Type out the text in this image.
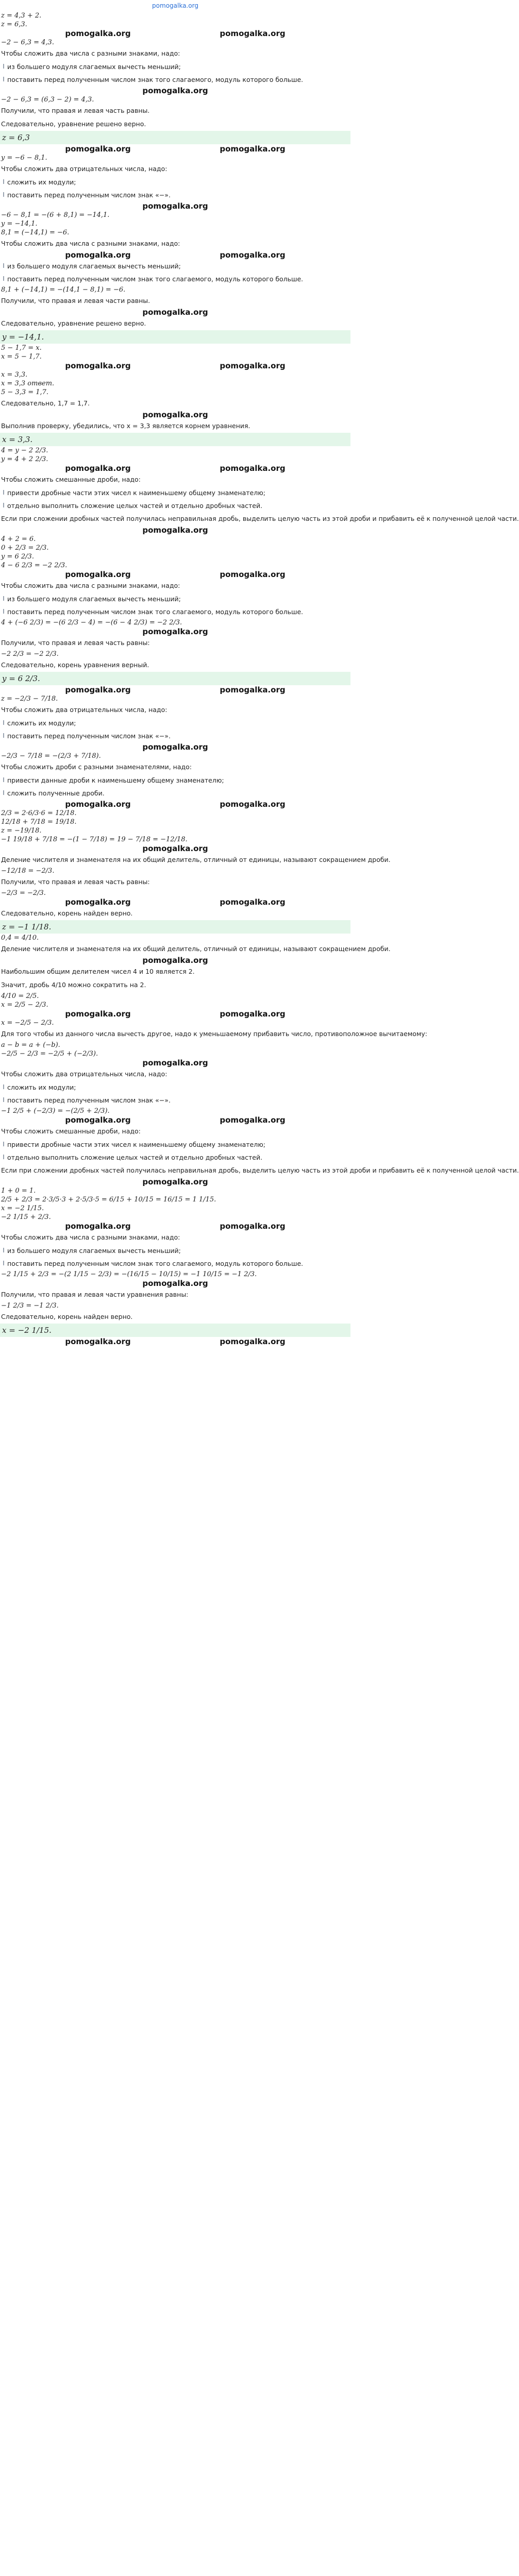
pomogalka.org
z = 4,3 + 2.
z = 6,3.
pomogalka.org	pomogalka.org
−2 − 6,3 = 4,3.
Чтобы сложить два числа с разными знаками, надо:
из большего модуля слагаемых вычесть меньший;
поставить перед полученным числом знак того слагаемого, модуль которого больше.
pomogalka.org
−2 − 6,3 = (6,3 − 2) = 4,3.
Получили, что правая и левая часть равны.
Следовательно, уравнение решено верно.
z = 6,3
pomogalka.org	pomogalka.org
y = −6 − 8,1.
Чтобы сложить два отрицательных числа, надо:
сложить их модули;
поставить перед полученным числом знак «−».
pomogalka.org
−6 − 8,1 = −(6 + 8,1) = −14,1.
y = −14,1.
8,1 = (−14,1) = −6.
Чтобы сложить два числа с разными знаками, надо:
pomogalka.org	pomogalka.org
из большего модуля слагаемых вычесть меньший;
поставить перед полученным числом знак того слагаемого, модуль которого больше.
8,1 + (−14,1) = −(14,1 − 8,1) = −6.
Получили, что правая и левая части равны.
pomogalka.org
Следовательно, уравнение решено верно.
y = −14,1.
5 − 1,7 = x.
x = 5 − 1,7.
pomogalka.org	pomogalka.org
x = 3,3.
x = 3,3 ответ.
5 − 3,3 = 1,7.
Следовательно, 1,7 = 1,7.
pomogalka.org
Выполнив проверку, убедились, что x = 3,3 является корнем уравнения.
x = 3,3.
4 = y − 2 2/3.
y = 4 + 2 2/3.
pomogalka.org	pomogalka.org
Чтобы сложить смешанные дроби, надо:
привести дробные части этих чисел к наименьшему общему знаменателю;
отдельно выполнить сложение целых частей и отдельно дробных частей.
Если при сложении дробных частей получилась неправильная дробь, выделить целую часть из этой дроби и прибавить её к полученной целой части.
pomogalka.org
4 + 2 = 6.
0 + 2/3 = 2/3.
y = 6 2/3.
4 − 6 2/3 = −2 2/3.
pomogalka.org	pomogalka.org
Чтобы сложить два числа с разными знаками, надо:
из большего модуля слагаемых вычесть меньший;
поставить перед полученным числом знак того слагаемого, модуль которого больше.
4 + (−6 2/3) = −(6 2/3 − 4) = −(6 − 4 2/3) = −2 2/3.
pomogalka.org
Получили, что правая и левая часть равны:
−2 2/3 = −2 2/3.
Следовательно, корень уравнения верный.
y = 6 2/3.
pomogalka.org	pomogalka.org
z = −2/3 − 7/18.
Чтобы сложить два отрицательных числа, надо:
сложить их модули;
поставить перед полученным числом знак «−».
pomogalka.org
−2/3 − 7/18 = −(2/3 + 7/18).
Чтобы сложить дроби с разными знаменателями, надо:
привести данные дроби к наименьшему общему знаменателю;
сложить полученные дроби.
pomogalka.org	pomogalka.org
2/3 = 2·6/3·6 = 12/18.
12/18 + 7/18 = 19/18.
z = −19/18.
−1 19/18 + 7/18 = −(1 − 7/18) = 19 − 7/18 = −12/18.
pomogalka.org
Деление числителя и знаменателя на их общий делитель, отличный от единицы, называют сокращением дроби.
−12/18 = −2/3.
Получили, что правая и левая часть равны:
−2/3 = −2/3.
pomogalka.org	pomogalka.org
Следовательно, корень найден верно.
z = −1 1/18.
0,4 = 4/10.
Деление числителя и знаменателя на их общий делитель, отличный от единицы, называют сокращением дроби.
pomogalka.org
Наибольшим общим делителем чисел 4 и 10 является 2.
Значит, дробь 4/10 можно сократить на 2.
4/10 = 2/5.
x = 2/5 − 2/3.
pomogalka.org	pomogalka.org
x = −2/5 − 2/3.
Для того чтобы из данного числа вычесть другое, надо к уменьшаемому прибавить число, противоположное вычитаемому:
a − b = a + (−b).
−2/5 − 2/3 = −2/5 + (−2/3).
pomogalka.org
Чтобы сложить два отрицательных числа, надо:
сложить их модули;
поставить перед полученным числом знак «−».
−1 2/5 + (−2/3) = −(2/5 + 2/3).
pomogalka.org	pomogalka.org
Чтобы сложить смешанные дроби, надо:
привести дробные части этих чисел к наименьшему общему знаменателю;
отдельно выполнить сложение целых частей и отдельно дробных частей.
Если при сложении дробных частей получилась неправильная дробь, выделить целую часть из этой дроби и прибавить её к полученной целой части.
pomogalka.org
1 + 0 = 1.
2/5 + 2/3 = 2·3/5·3 + 2·5/3·5 = 6/15 + 10/15 = 16/15 = 1 1/15.
x = −2 1/15.
−2 1/15 + 2/3.
pomogalka.org	pomogalka.org
Чтобы сложить два числа с разными знаками, надо:
из большего модуля слагаемых вычесть меньший;
поставить перед полученным числом знак того слагаемого, модуль которого больше.
−2 1/15 + 2/3 = −(2 1/15 − 2/3) = −(16/15 − 10/15) = −1 10/15 = −1 2/3.
pomogalka.org
Получили, что правая и левая части уравнения равны:
−1 2/3 = −1 2/3.
Следовательно, корень найден верно.
x = −2 1/15.
pomogalka.org	pomogalka.org
